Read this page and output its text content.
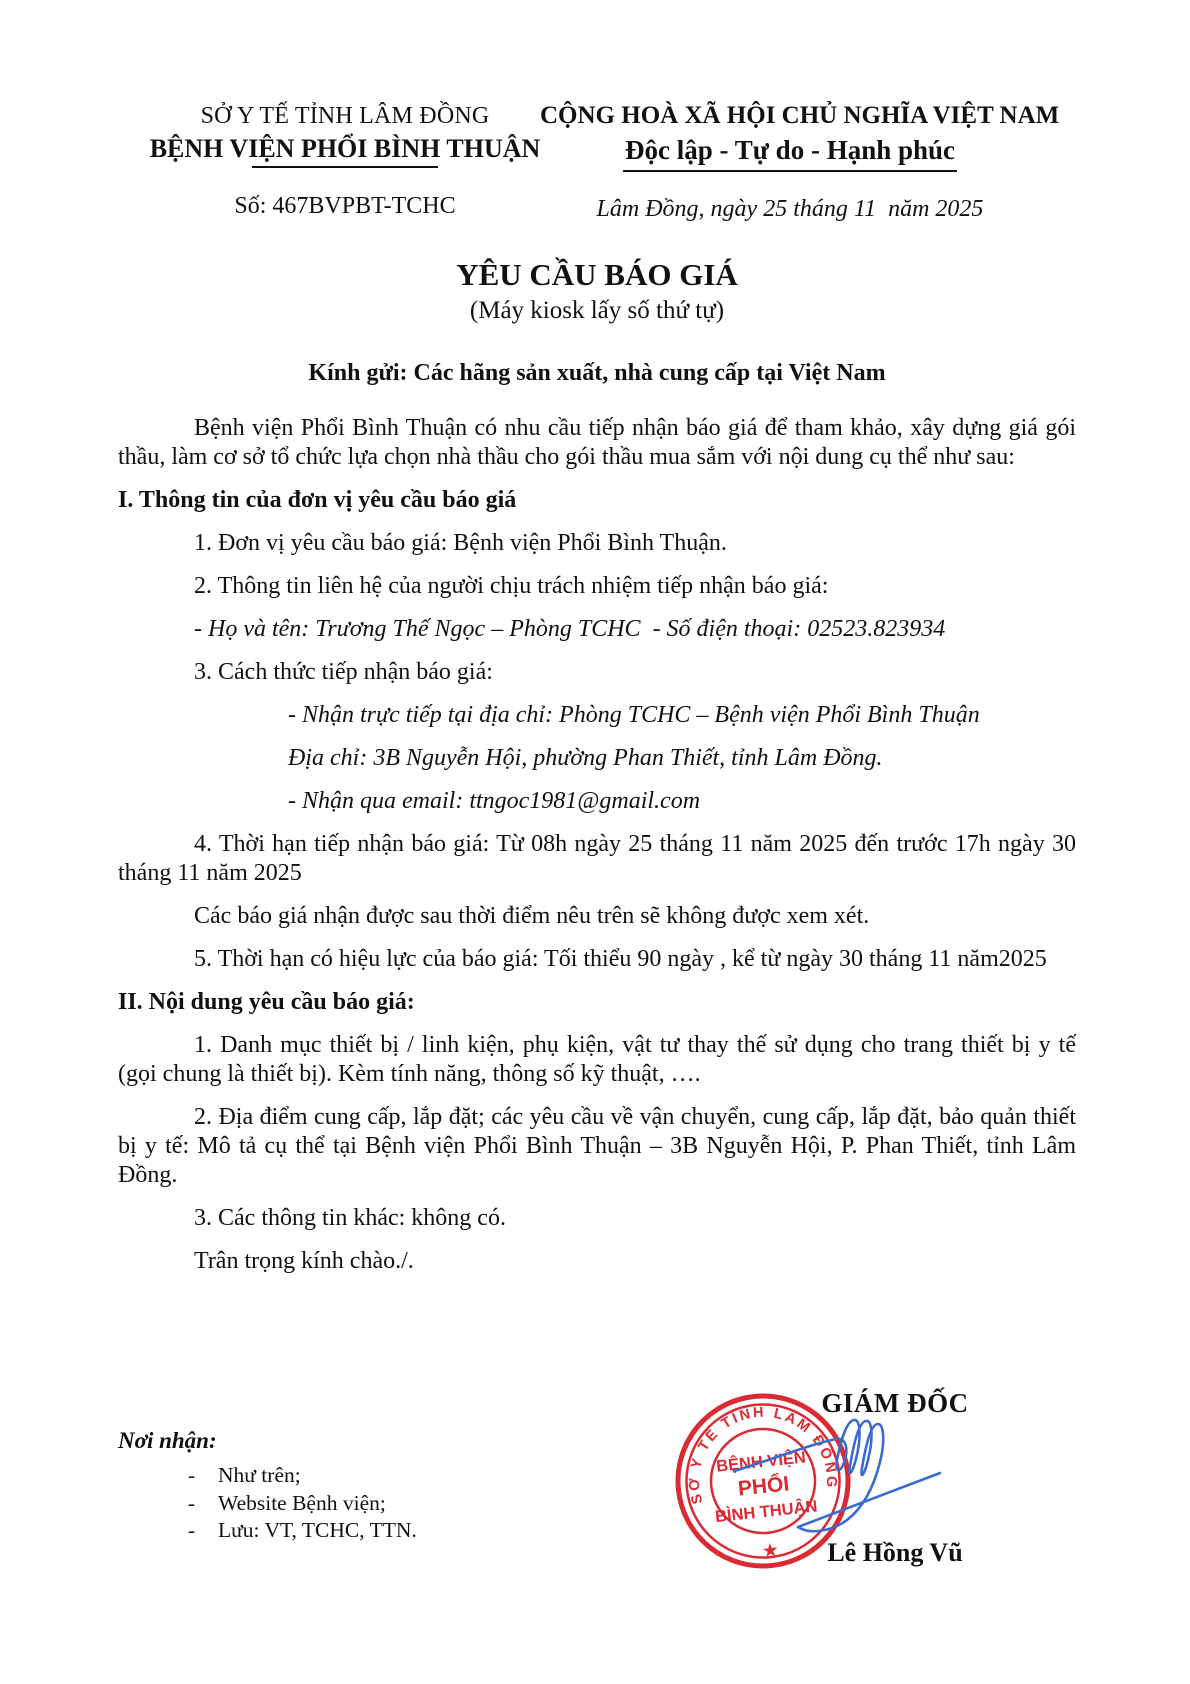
SỞ Y TẾ TỈNH LÂM ĐỒNG
BỆNH VIỆN PHỔI BÌNH THUẬN
Số: 467BVPBT-TCHC
CỘNG HOÀ XÃ HỘI CHỦ NGHĨA VIỆT NAM
Độc lập - Tự do - Hạnh phúc
Lâm Đồng, ngày 25 tháng 11  năm 2025
YÊU CẦU BÁO GIÁ
(Máy kiosk lấy số thứ tự)
Kính gửi: Các hãng sản xuất, nhà cung cấp tại Việt Nam

Bệnh viện Phổi Bình Thuận có nhu cầu tiếp nhận báo giá để tham khảo, xây dựng giá gói thầu, làm cơ sở tổ chức lựa chọn nhà thầu cho gói thầu mua sắm với nội dung cụ thể như sau:

I. Thông tin của đơn vị yêu cầu báo giá

1. Đơn vị yêu cầu báo giá: Bệnh viện Phổi Bình Thuận.

2. Thông tin liên hệ của người chịu trách nhiệm tiếp nhận báo giá:

- Họ và tên: Trương Thế Ngọc – Phòng TCHC  - Số điện thoại: 02523.823934

3. Cách thức tiếp nhận báo giá:

- Nhận trực tiếp tại địa chỉ: Phòng TCHC – Bệnh viện Phổi Bình Thuận

Địa chỉ: 3B Nguyễn Hội, phường Phan Thiết, tỉnh Lâm Đồng.

- Nhận qua email: ttngoc1981@gmail.com

4. Thời hạn tiếp nhận báo giá: Từ 08h ngày 25 tháng 11 năm 2025 đến trước 17h ngày 30 tháng 11 năm 2025

Các báo giá nhận được sau thời điểm nêu trên sẽ không được xem xét.

5. Thời hạn có hiệu lực của báo giá: Tối thiểu 90 ngày , kể từ ngày 30 tháng 11 năm2025

II. Nội dung yêu cầu báo giá:

1. Danh mục thiết bị / linh kiện, phụ kiện, vật tư thay thế sử dụng cho trang thiết bị y tế (gọi chung là thiết bị). Kèm tính năng, thông số kỹ thuật, ….

2. Địa điểm cung cấp, lắp đặt; các yêu cầu về vận chuyển, cung cấp, lắp đặt, bảo quản thiết bị y tế: Mô tả cụ thể tại Bệnh viện Phổi Bình Thuận – 3B Nguyễn Hội, P. Phan Thiết, tỉnh Lâm Đồng.

3. Các thông tin khác: không có.

Trân trọng kính chào./.

Nơi nhận:
-	Như trên;
-	Website Bệnh viện;
-	Lưu: VT, TCHC, TTN.
GIÁM ĐỐC
Lê Hồng Vũ
SỞ Y TẾ TỈNH LÂM ĐỒNG
★
BỆNH VIỆN
PHỔI
BÌNH THUẬN
